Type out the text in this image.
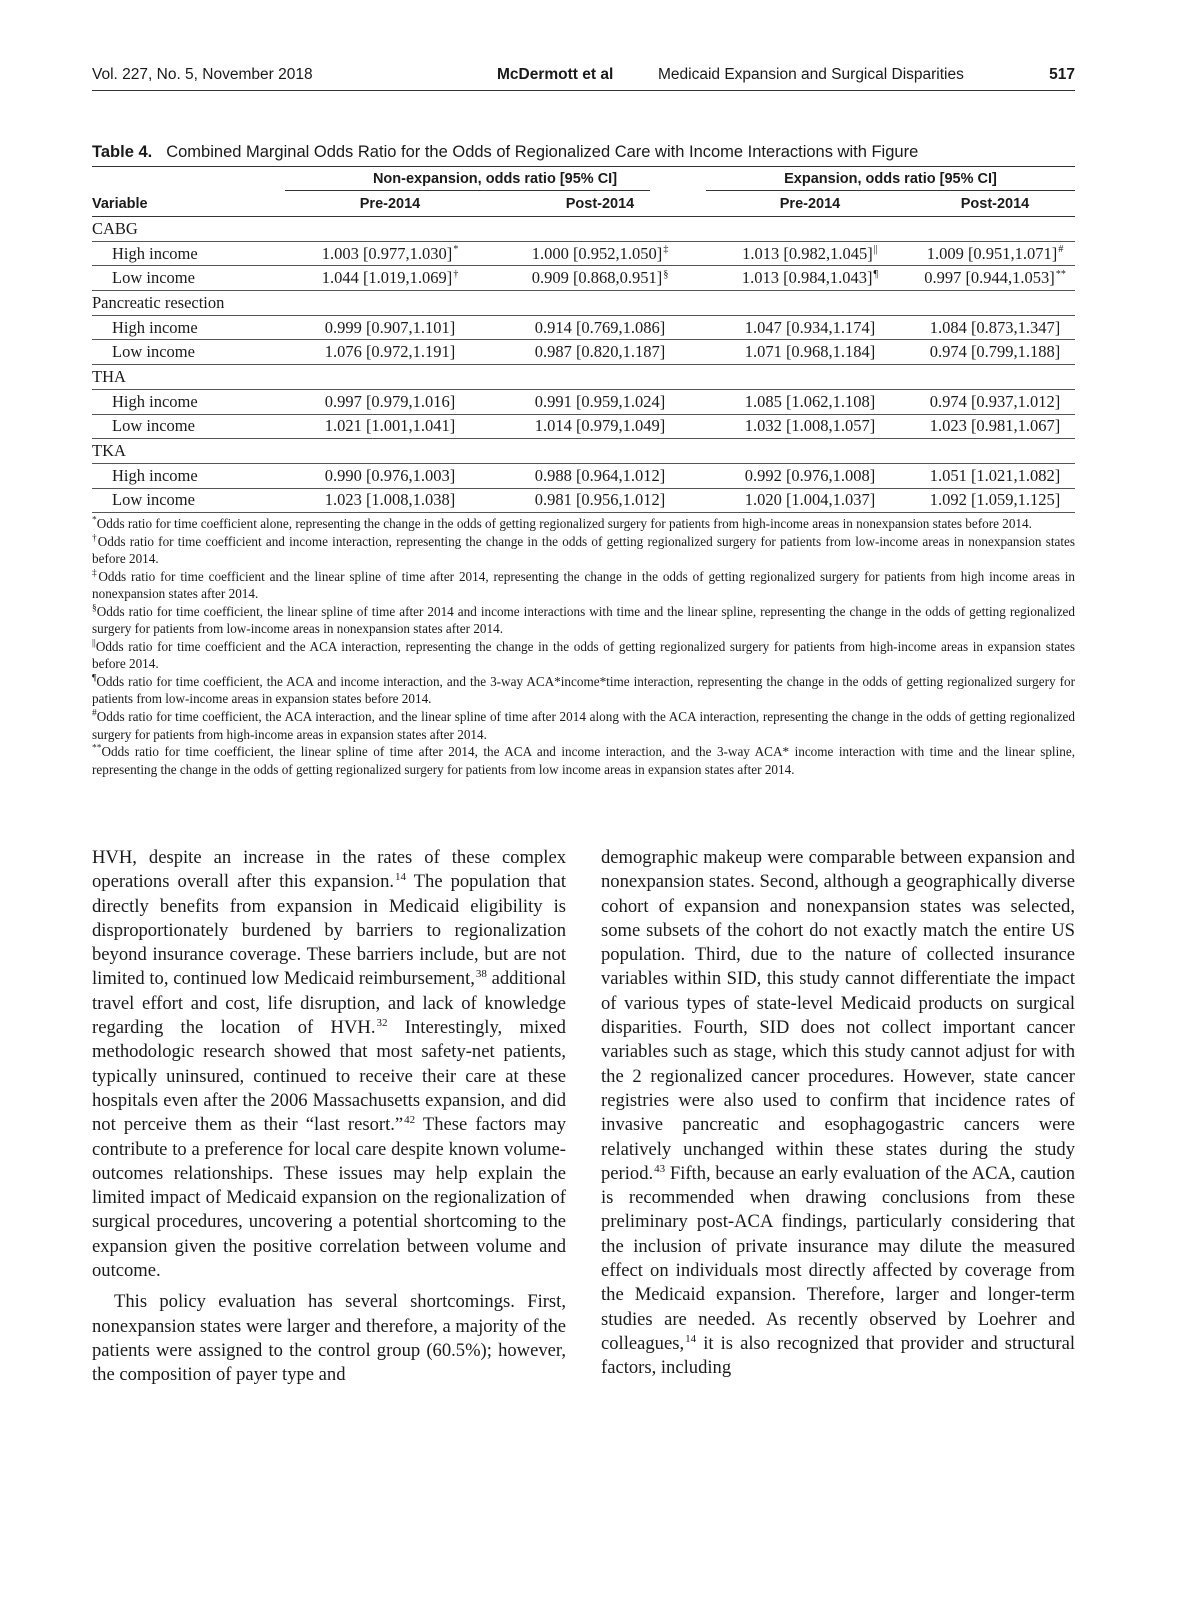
Vol. 227, No. 5, November 2018	McDermott et al	Medicaid Expansion and Surgical Disparities	517
Table 4. Combined Marginal Odds Ratio for the Odds of Regionalized Care with Income Interactions with Figure
Non-expansion, odds ratio [95% CI]	Expansion, odds ratio [95% CI]
Variable	Pre-2014	Post-2014	Pre-2014	Post-2014
CABG				
High income	1.003 [0.977,1.030]*	1.000 [0.952,1.050]‡	1.013 [0.982,1.045]||	1.009 [0.951,1.071]#
Low income	1.044 [1.019,1.069]†	0.909 [0.868,0.951]§	1.013 [0.984,1.043]¶	0.997 [0.944,1.053]**
Pancreatic resection				
High income	0.999 [0.907,1.101]	0.914 [0.769,1.086]	1.047 [0.934,1.174]	1.084 [0.873,1.347]
Low income	1.076 [0.972,1.191]	0.987 [0.820,1.187]	1.071 [0.968,1.184]	0.974 [0.799,1.188]
THA				
High income	0.997 [0.979,1.016]	0.991 [0.959,1.024]	1.085 [1.062,1.108]	0.974 [0.937,1.012]
Low income	1.021 [1.001,1.041]	1.014 [0.979,1.049]	1.032 [1.008,1.057]	1.023 [0.981,1.067]
TKA				
High income	0.990 [0.976,1.003]	0.988 [0.964,1.012]	0.992 [0.976,1.008]	1.051 [1.021,1.082]
Low income	1.023 [1.008,1.038]	0.981 [0.956,1.012]	1.020 [1.004,1.037]	1.092 [1.059,1.125]

*Odds ratio for time coefficient alone, representing the change in the odds of getting regionalized surgery for patients from high-income areas in nonexpansion states before 2014.

†Odds ratio for time coefficient and income interaction, representing the change in the odds of getting regionalized surgery for patients from low-income areas in nonexpansion states before 2014.

‡Odds ratio for time coefficient and the linear spline of time after 2014, representing the change in the odds of getting regionalized surgery for patients from high income areas in nonexpansion states after 2014.

§Odds ratio for time coefficient, the linear spline of time after 2014 and income interactions with time and the linear spline, representing the change in the odds of getting regionalized surgery for patients from low-income areas in nonexpansion states after 2014.

||Odds ratio for time coefficient and the ACA interaction, representing the change in the odds of getting regionalized surgery for patients from high-income areas in expansion states before 2014.

¶Odds ratio for time coefficient, the ACA and income interaction, and the 3-way ACA*income*time interaction, representing the change in the odds of getting regionalized surgery for patients from low-income areas in expansion states before 2014.

#Odds ratio for time coefficient, the ACA interaction, and the linear spline of time after 2014 along with the ACA interaction, representing the change in the odds of getting regionalized surgery for patients from high-income areas in expansion states after 2014.

**Odds ratio for time coefficient, the linear spline of time after 2014, the ACA and income interaction, and the 3-way ACA* income interaction with time and the linear spline, representing the change in the odds of getting regionalized surgery for patients from low income areas in expansion states after 2014.

HVH, despite an increase in the rates of these complex operations overall after this expansion.$^{14}$ The population that directly benefits from expansion in Medicaid eligibility is disproportionately burdened by barriers to regionalization beyond insurance coverage. These barriers include, but are not limited to, continued low Medicaid reimbursement,$^{38}$ additional travel effort and cost, life disruption, and lack of knowledge regarding the location of HVH.$^{32}$ Interestingly, mixed methodologic research showed that most safety-net patients, typically uninsured, continued to receive their care at these hospitals even after the 2006 Massachusetts expansion, and did not perceive them as their “last resort.”$^{42}$ These factors may contribute to a preference for local care despite known volume-outcomes relationships. These issues may help explain the limited impact of Medicaid expansion on the regionalization of surgical procedures, uncovering a potential shortcoming to the expansion given the positive correlation between volume and outcome.

This policy evaluation has several shortcomings. First, nonexpansion states were larger and therefore, a majority of the patients were assigned to the control group (60.5%); however, the composition of payer type and

demographic makeup were comparable between expansion and nonexpansion states. Second, although a geographically diverse cohort of expansion and nonexpansion states was selected, some subsets of the cohort do not exactly match the entire US population. Third, due to the nature of collected insurance variables within SID, this study cannot differentiate the impact of various types of state-level Medicaid products on surgical disparities. Fourth, SID does not collect important cancer variables such as stage, which this study cannot adjust for with the 2 regionalized cancer procedures. However, state cancer registries were also used to confirm that incidence rates of invasive pancreatic and esophagogastric cancers were relatively unchanged within these states during the study period.$^{43}$ Fifth, because an early evaluation of the ACA, caution is recommended when drawing conclusions from these preliminary post-ACA findings, particularly considering that the inclusion of private insurance may dilute the measured effect on individuals most directly affected by coverage from the Medicaid expansion. Therefore, larger and longer-term studies are needed. As recently observed by Loehrer and colleagues,$^{14}$ it is also recognized that provider and structural factors, including
